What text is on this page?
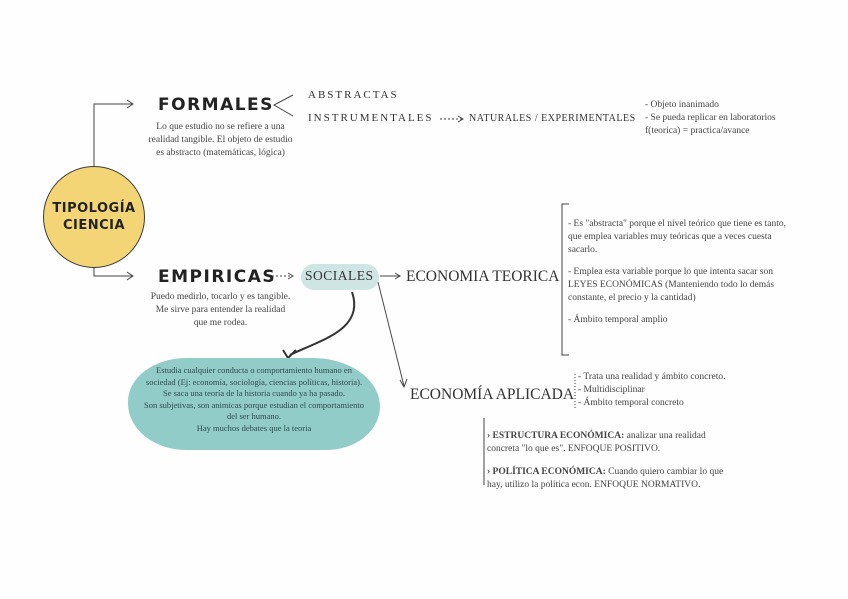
TIPOLOGÍA
CIENCIA
FORMALES
Lo que estudio no se refiere a una
realidad tangible. El objeto de estudio
es abstracto (matemáticas, lógica)
ABSTRACTAS
INSTRUMENTALES	NATURALES / EXPERIMENTALES
- Objeto inanimado
- Se pueda replicar en laboratorios
f(teorica) = practica/avance
EMPIRICAS
Puedo medirlo, tocarlo y es tangible.
Me sirve para entender la realidad
que me rodea.
SOCIALES
Estudia cualquier conducta o comportamiento humano en
sociedad (Ej: economía, sociología, ciencias políticas, historia).
Se saca una teoría de la historia cuando ya ha pasado.
Son subjetivas, son animicas porque estudian el comportamiento
del ser humano.
Hay muchos debates que la teoria
ECONOMIA TEORICA
- Es "abstracta" porque el nivel teórico que tiene es tanto,
que emplea variables muy teóricas que a veces cuesta
sacarlo.
- Emplea esta variable porque lo que intenta sacar son
LEYES ECONÓMICAS (Manteniendo todo lo demás
constante, el precio y la cantidad)
- Ámbito temporal amplio
ECONOMÍA APLICADA
- Trata una realidad y ámbito concreto.
- Multidisciplinar
- Ámbito temporal concreto
› ESTRUCTURA ECONÓMICA: analizar una realidad
concreta "lo que es". ENFOQUE POSITIVO.
› POLÍTICA ECONÓMICA: Cuando quiero cambiar lo que
hay, utilizo la política econ. ENFOQUE NORMATIVO.
